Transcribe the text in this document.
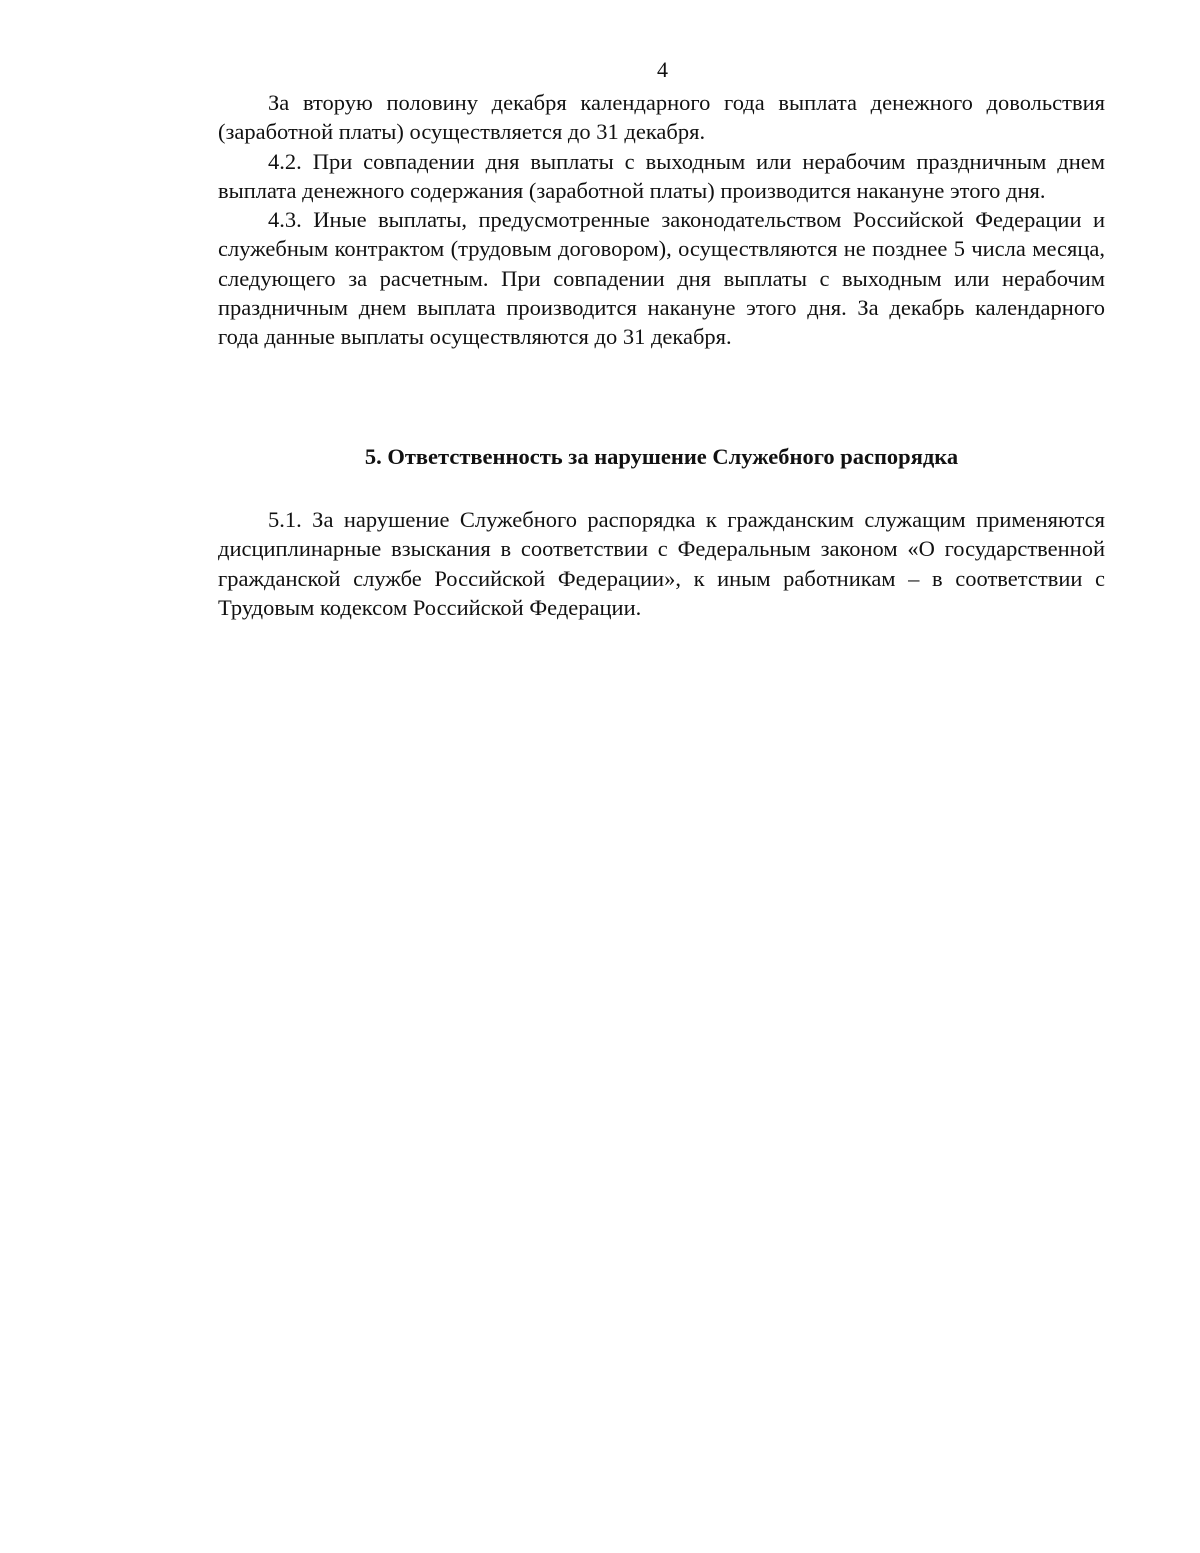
4

За вторую половину декабря календарного года выплата денежного довольствия (заработной платы) осуществляется до 31 декабря.

4.2. При совпадении дня выплаты с выходным или нерабочим праздничным днем выплата денежного содержания (заработной платы) производится накануне этого дня.

4.3. Иные выплаты, предусмотренные законодательством Российской Федерации и служебным контрактом (трудовым договором), осуществляются не позднее 5 числа месяца, следующего за расчетным. При совпадении дня выплаты с выходным или нерабочим праздничным днем выплата производится накануне этого дня. За декабрь календарного года данные выплаты осуществляются до 31 декабря.

5. Ответственность за нарушение Служебного распорядка

5.1. За нарушение Служебного распорядка к гражданским служащим применяются дисциплинарные взыскания в соответствии с Федеральным законом «О государственной гражданской службе Российской Федерации», к иным работникам – в соответствии с Трудовым кодексом Российской Федерации.
